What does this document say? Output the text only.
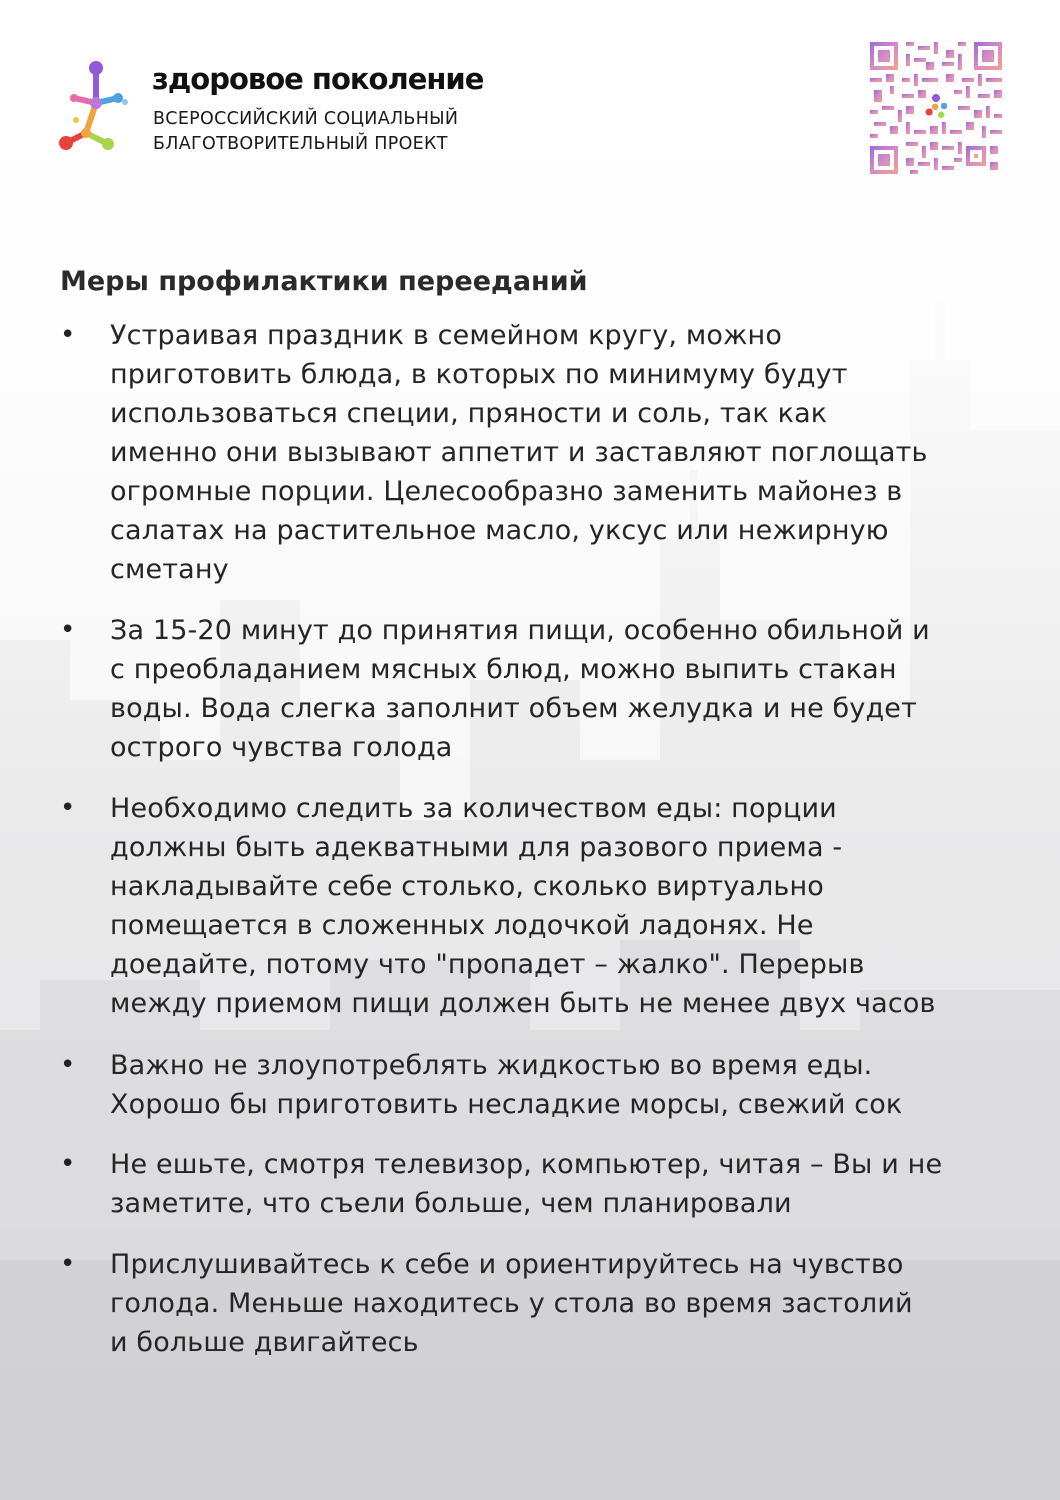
здоровое поколение
ВСЕРОССИЙСКИЙ СОЦИАЛЬНЫЙ
БЛАГОТВОРИТЕЛЬНЫЙ ПРОЕКТ
Меры профилактики перееданий
• Устраивая праздник в семейном кругу, можно
приготовить блюда, в которых по минимуму будут
использоваться специи, пряности и соль, так как
именно они вызывают аппетит и заставляют поглощать
огромные порции. Целесообразно заменить майонез в
салатах на растительное масло, уксус или нежирную
сметану
• За 15-20 минут до принятия пищи, особенно обильной и
с преобладанием мясных блюд, можно выпить стакан
воды. Вода слегка заполнит объем желудка и не будет
острого чувства голода
• Необходимо следить за количеством еды: порции
должны быть адекватными для разового приема -
накладывайте себе столько, сколько виртуально
помещается в сложенных лодочкой ладонях. Не
доедайте, потому что "пропадет – жалко". Перерыв
между приемом пищи должен быть не менее двух часов
• Важно не злоупотреблять жидкостью во время еды.
Хорошо бы приготовить несладкие морсы, свежий сок
• Не ешьте, смотря телевизор, компьютер, читая – Вы и не
заметите, что съели больше, чем планировали
• Прислушивайтесь к себе и ориентируйтесь на чувство
голода. Меньше находитесь у стола во время застолий
и больше двигайтесь
